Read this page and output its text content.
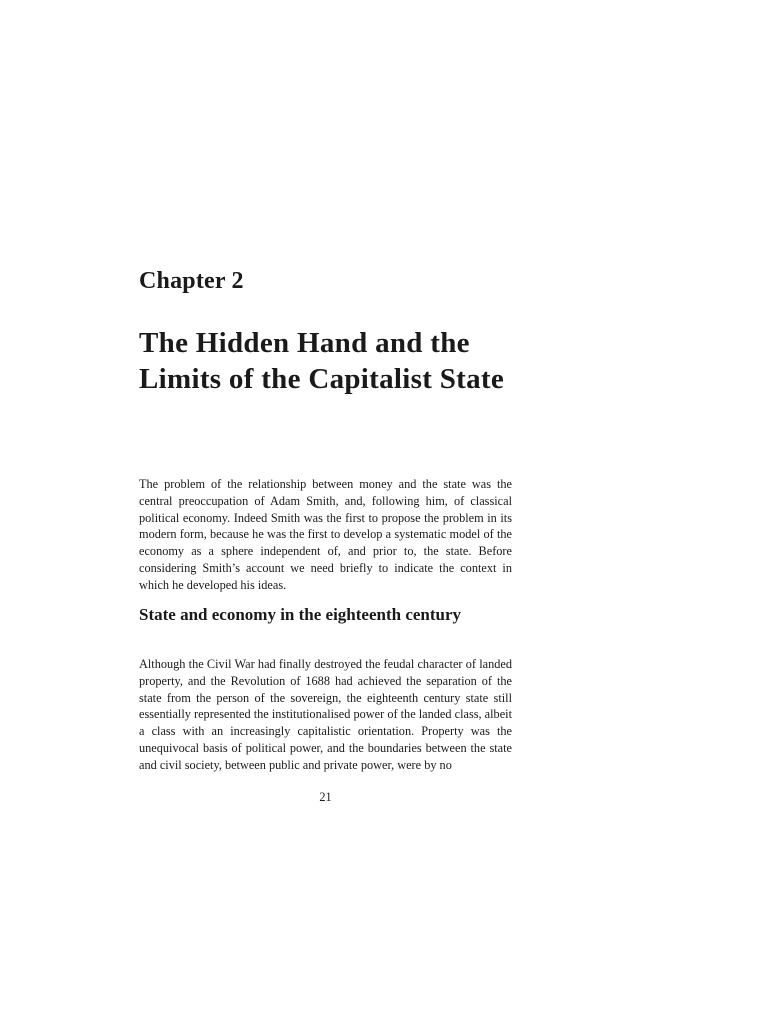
Chapter 2
The Hidden Hand and the Limits of the Capitalist State

The problem of the relationship between money and the state was the central preoccupation of Adam Smith, and, following him, of classical political economy. Indeed Smith was the first to propose the problem in its modern form, because he was the first to develop a systematic model of the economy as a sphere independent of, and prior to, the state. Before considering Smith’s account we need briefly to indicate the context in which he developed his ideas.

State and economy in the eighteenth century

Although the Civil War had finally destroyed the feudal character of landed property, and the Revolution of 1688 had achieved the separation of the state from the person of the sovereign, the eighteenth century state still essentially represented the institutionalised power of the landed class, albeit a class with an increasingly capitalistic orientation. Property was the unequivocal basis of political power, and the boundaries between the state and civil society, between public and private power, were by no

21
